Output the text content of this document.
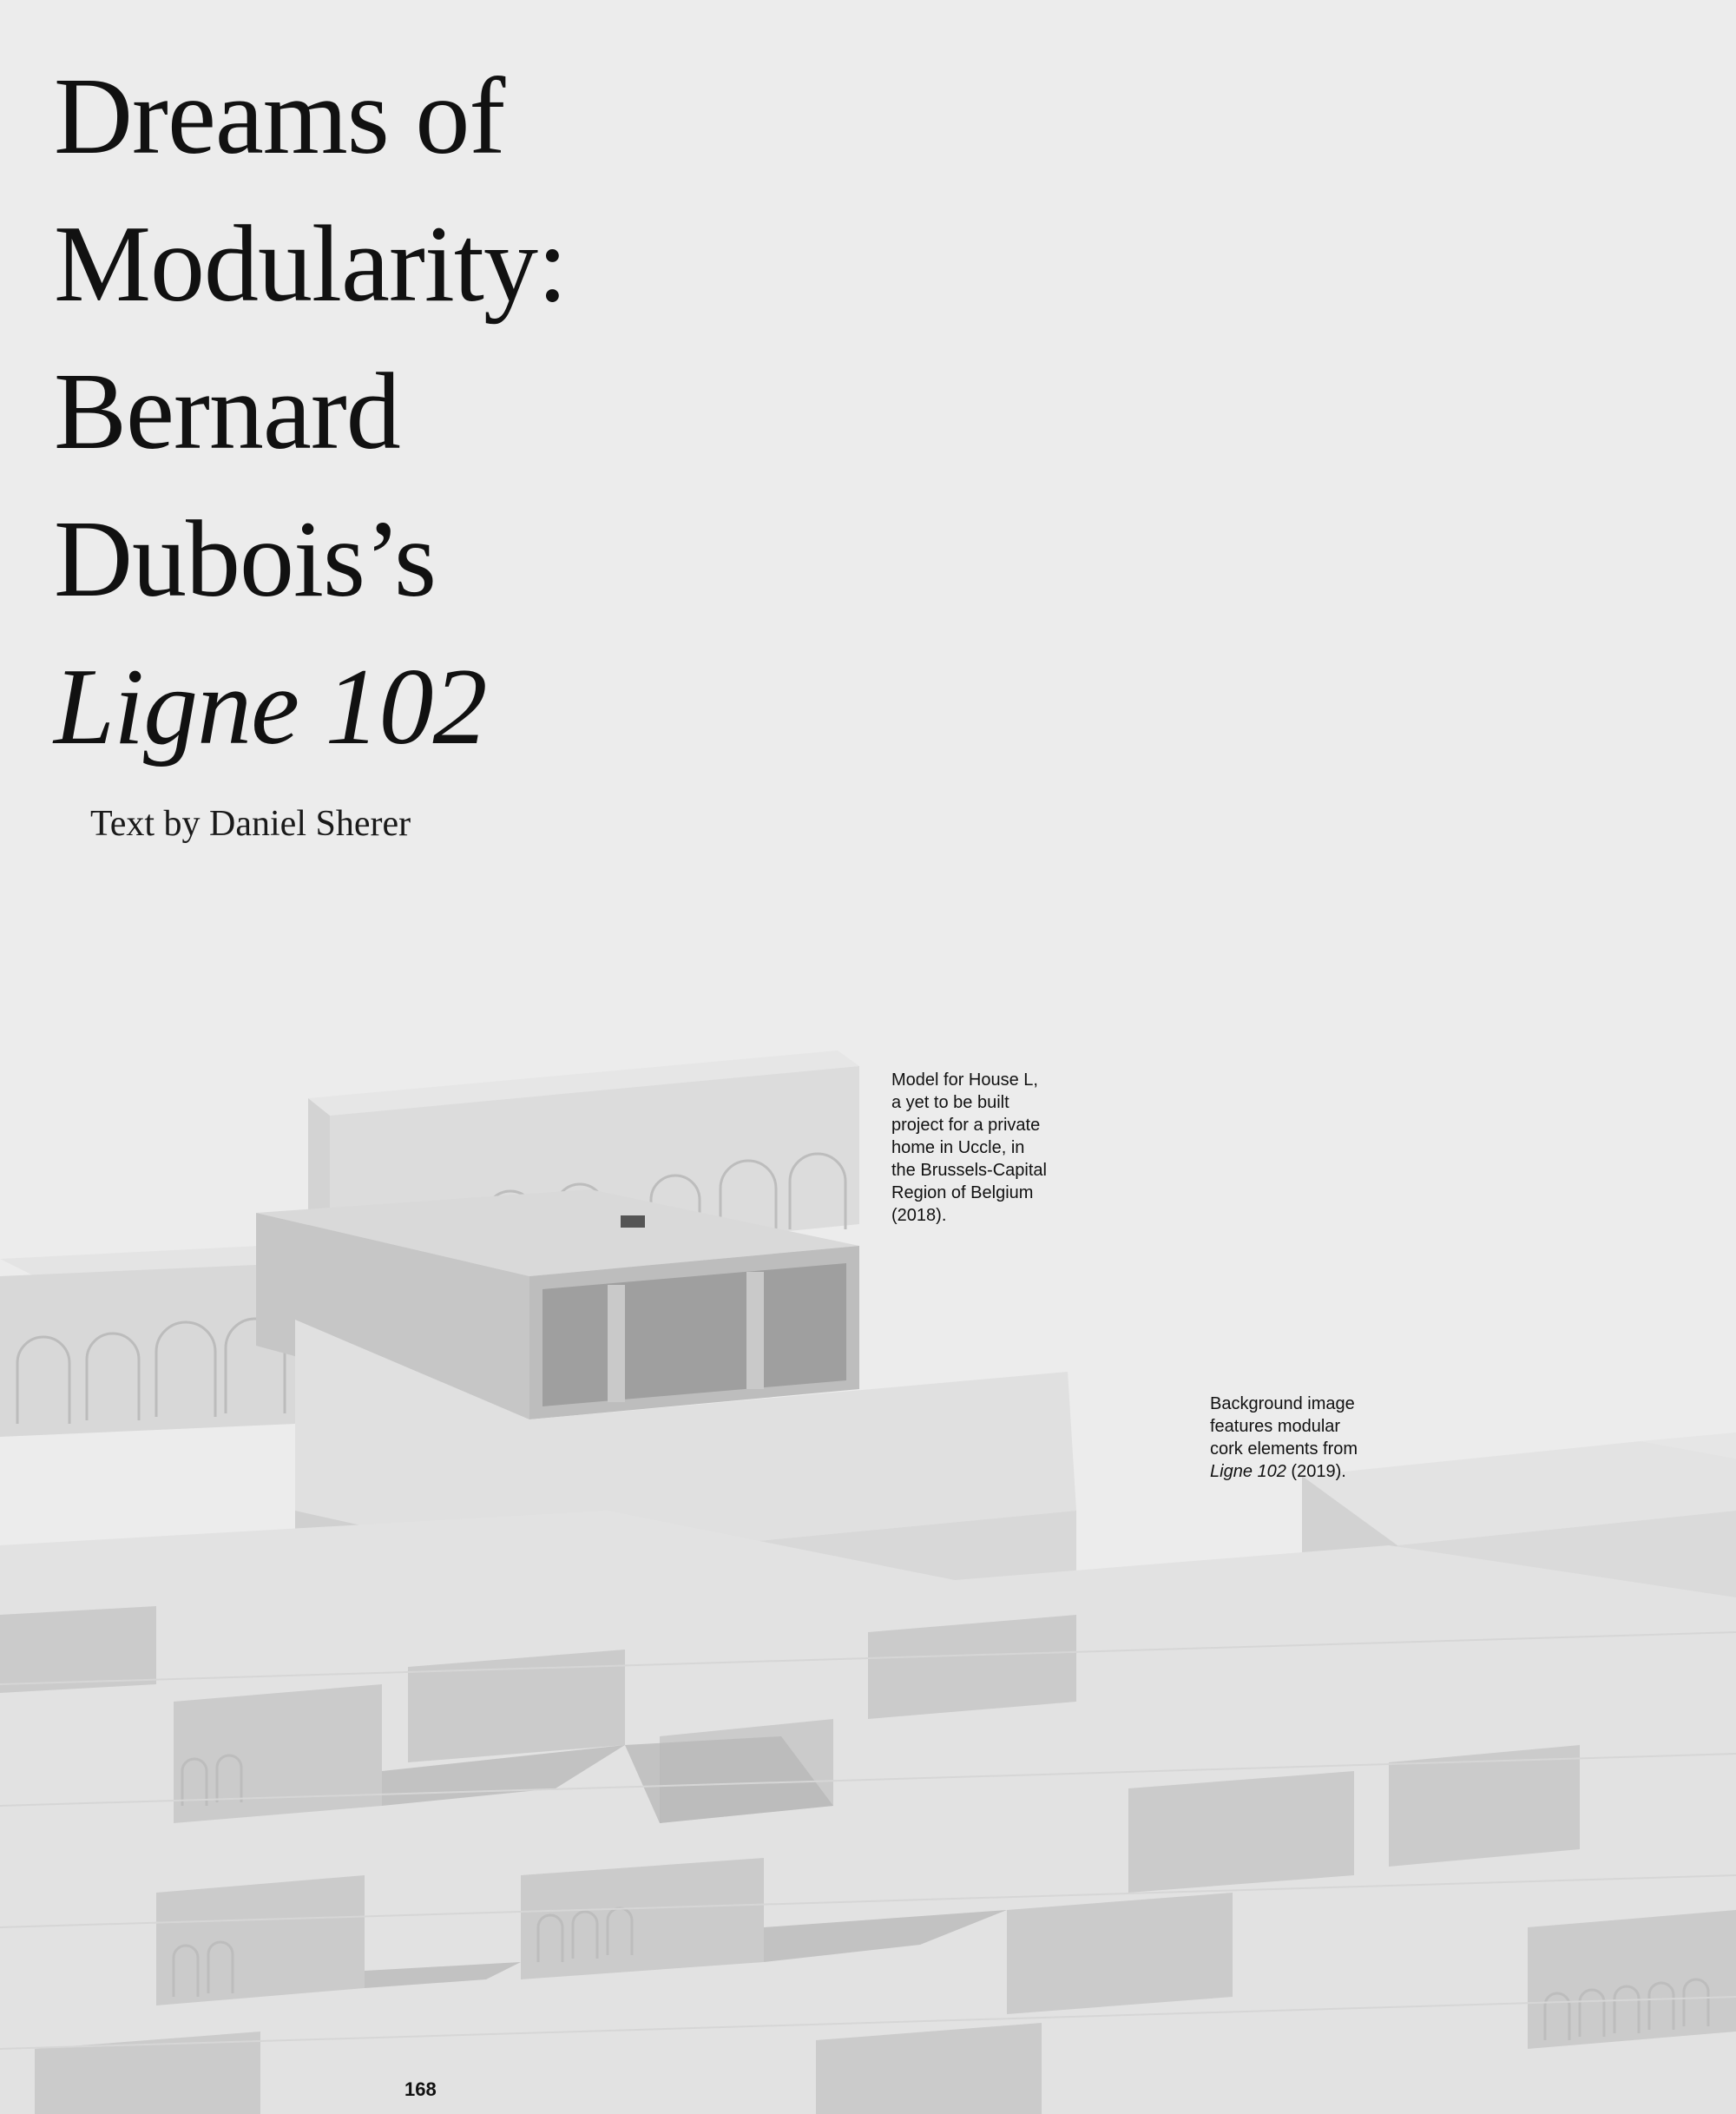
Dreams of
Modularity:
Bernard
Dubois’s
Ligne 102
Text by Daniel Sherer
Model for House L,
a yet to be built
project for a private
home in Uccle, in
the Brussels-Capital
Region of Belgium
(2018).
Background image
features modular
cork elements from
Ligne 102 (2019).
168
